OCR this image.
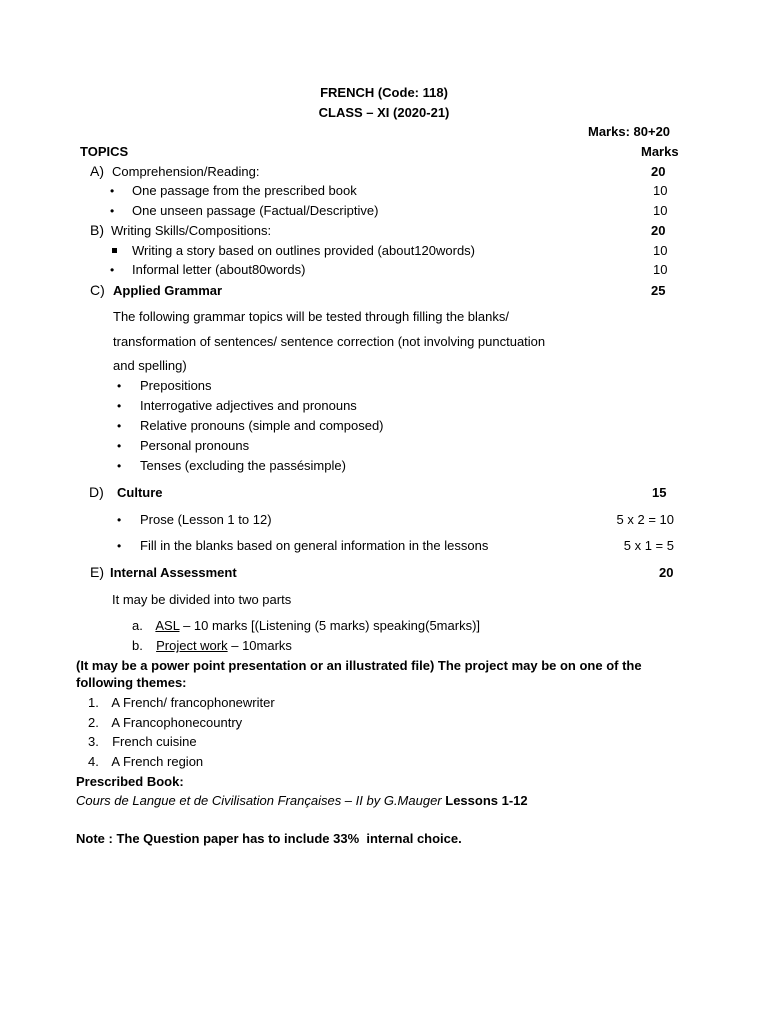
FRENCH (Code: 118)
CLASS – XI (2020-21)
Marks: 80+20
TOPICS	Marks
A) Comprehension/Reading:	20
• One passage from the prescribed book	10
• One unseen passage (Factual/Descriptive)	10
B) Writing Skills/Compositions:	20
Writing a story based on outlines provided (about120words)	10
• Informal letter (about80words)	10
C) Applied Grammar	25
The following grammar topics will be tested through filling the blanks/
transformation of sentences/ sentence correction (not involving punctuation
and spelling)
• Prepositions
• Interrogative adjectives and pronouns
• Relative pronouns (simple and composed)
• Personal pronouns
• Tenses (excluding the passésimple)
D) Culture	15
• Prose (Lesson 1 to 12)	5 x 2 = 10
• Fill in the blanks based on general information in the lessons	5 x 1 = 5
E) Internal Assessment	20
It may be divided into two parts
a. ASL – 10 marks [(Listening (5 marks) speaking(5marks)]
b. Project work – 10marks
(It may be a power point presentation or an illustrated file) The project may be on one of the
following themes:
1. A French/ francophonewriter
2. A Francophonecountry
3. French cuisine
4. A French region
Prescribed Book:
Cours de Langue et de Civilisation Françaises – II by G.Mauger Lessons 1-12
Note : The Question paper has to include 33%  internal choice.
